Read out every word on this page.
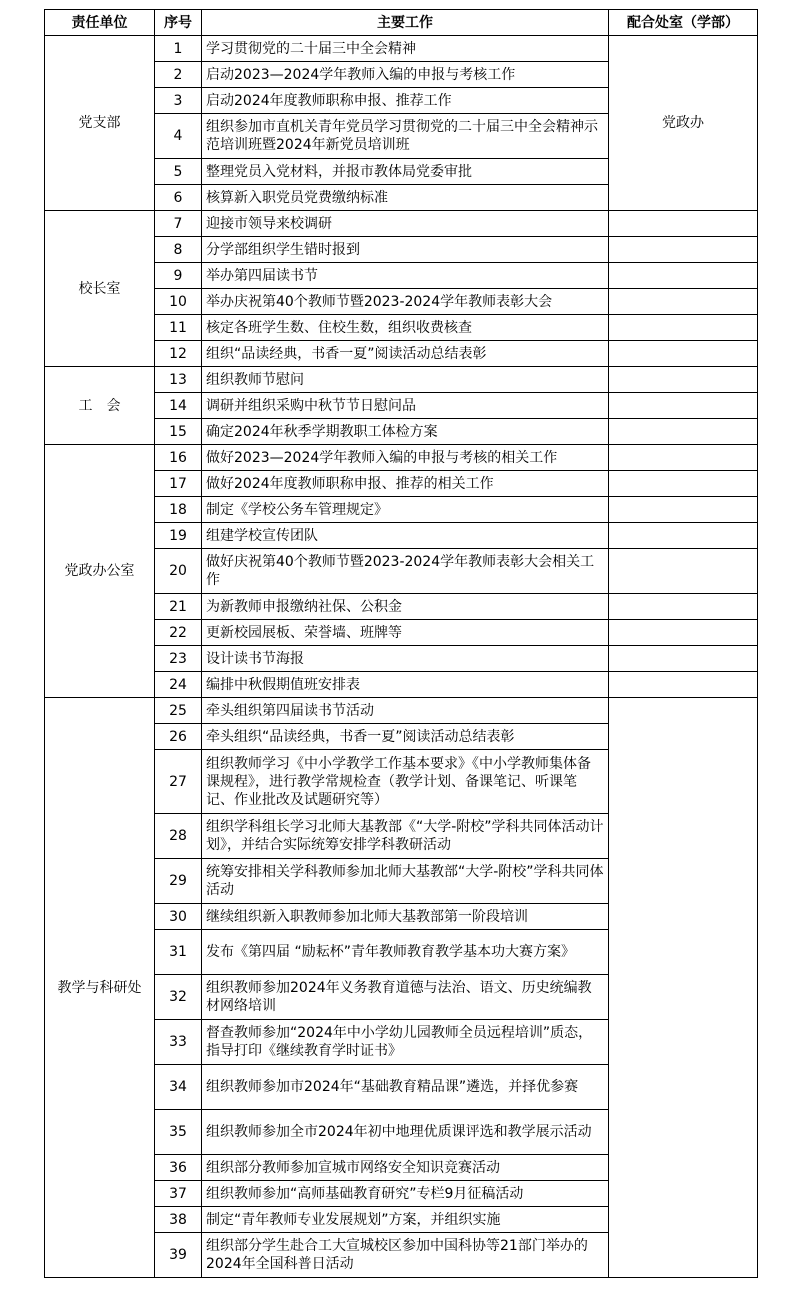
责任单位	序号	主要工作	配合处室（学部）
党支部	1	学习贯彻党的二十届三中全会精神	党政办
	2	启动2023—2024学年教师入编的申报与考核工作	
	3	启动2024年度教师职称申报、推荐工作	
	4	组织参加市直机关青年党员学习贯彻党的二十届三中全会精神示范培训班暨2024年新党员培训班	
	5	整理党员入党材料，并报市教体局党委审批	
	6	核算新入职党员党费缴纳标准	
校长室	7	迎接市领导来校调研	
	8	分学部组织学生错时报到	
	9	举办第四届读书节	
	10	举办庆祝第40个教师节暨2023-2024学年教师表彰大会	
	11	核定各班学生数、住校生数，组织收费核查	
	12	组织“品读经典，书香一夏”阅读活动总结表彰	
工　会	13	组织教师节慰问	
	14	调研并组织采购中秋节节日慰问品	
	15	确定2024年秋季学期教职工体检方案	
党政办公室	16	做好2023—2024学年教师入编的申报与考核的相关工作	
	17	做好2024年度教师职称申报、推荐的相关工作	
	18	制定《学校公务车管理规定》	
	19	组建学校宣传团队	
	20	做好庆祝第40个教师节暨2023-2024学年教师表彰大会相关工作	
	21	为新教师申报缴纳社保、公积金	
	22	更新校园展板、荣誉墙、班牌等	
	23	设计读书节海报	
	24	编排中秋假期值班安排表	
教学与科研处	25	牵头组织第四届读书节活动	
	26	牵头组织“品读经典，书香一夏”阅读活动总结表彰	
	27	组织教师学习《中小学教学工作基本要求》《中小学教师集体备课规程》，进行教学常规检查（教学计划、备课笔记、听课笔记、作业批改及试题研究等）	
	28	组织学科组长学习北师大基教部《“大学-附校”学科共同体活动计划》，并结合实际统筹安排学科教研活动	
	29	统筹安排相关学科教师参加北师大基教部“大学-附校”学科共同体活动	
	30	继续组织新入职教师参加北师大基教部第一阶段培训	
	31	发布《第四届 “励耘杯”青年教师教育教学基本功大赛方案》	
	32	组织教师参加2024年义务教育道德与法治、语文、历史统编教材网络培训	
	33	督查教师参加“2024年中小学幼儿园教师全员远程培训”质态，指导打印《继续教育学时证书》	
	34	组织教师参加市2024年“基础教育精品课”遴选，并择优参赛	
	35	组织教师参加全市2024年初中地理优质课评选和教学展示活动	
	36	组织部分教师参加宣城市网络安全知识竞赛活动	
	37	组织教师参加“高师基础教育研究”专栏9月征稿活动	
	38	制定“青年教师专业发展规划”方案，并组织实施	
	39	组织部分学生赴合工大宣城校区参加中国科协等21部门举办的2024年全国科普日活动	
